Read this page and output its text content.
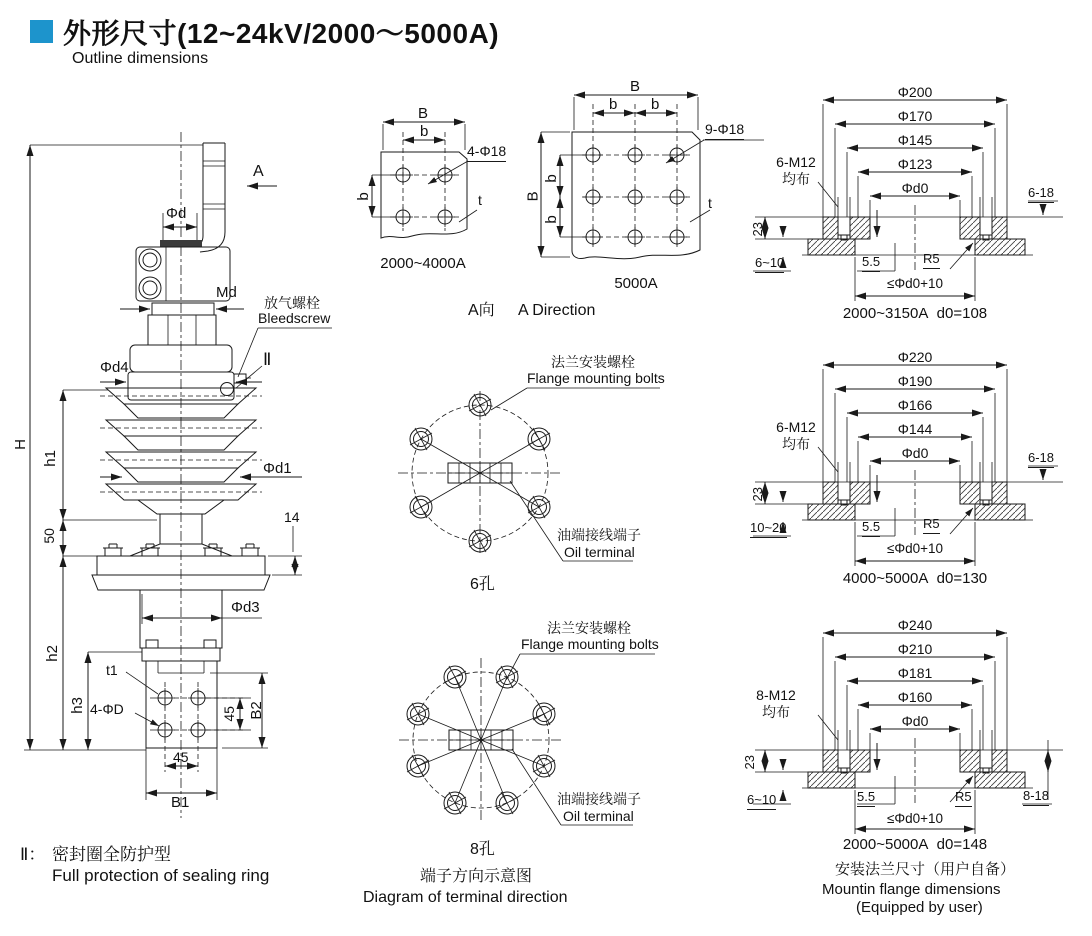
外形尺寸(12~24kV/2000～5000A)
Outline dimensions
A
Φd
Md
放气螺栓
Bleedscrew
Ⅱ
Φd4
H
h1
Φd1
50
14
Φd3
h2
h3
t1
4-ΦD	45 B2
45
B1
Ⅱ： 密封圈全防护型
Full protection of sealing ring
B
b
b
4-Φ18
t
2000~4000A
B
b b
B
b
b
9-Φ18
t
5000A
A向 A Direction
法兰安装螺栓
Flange mounting bolts
油端接线端子
Oil terminal
6孔
法兰安装螺栓
Flange mounting bolts
油端接线端子
Oil terminal
8孔
端子方向示意图
Diagram of terminal direction
Φ200
Φ170
Φ145
Φ123
Φd0
6-M12
均布
23
6~10	5.5	R5
6-18
≤Φd0+10
2000~3150A  d0=108
Φ220
Φ190
Φ166
Φ144
Φd0
6-M12
均布
23
10~20	5.5	R5
6-18
≤Φd0+10
4000~5000A  d0=130
Φ240
Φ210
Φ181
Φ160
Φd0
8-M12
均布
23
6~10	5.5	R5	8-18
≤Φd0+10
2000~5000A  d0=148
安装法兰尺寸（用户自备）
Mountin flange dimensions
(Equipped by user)
